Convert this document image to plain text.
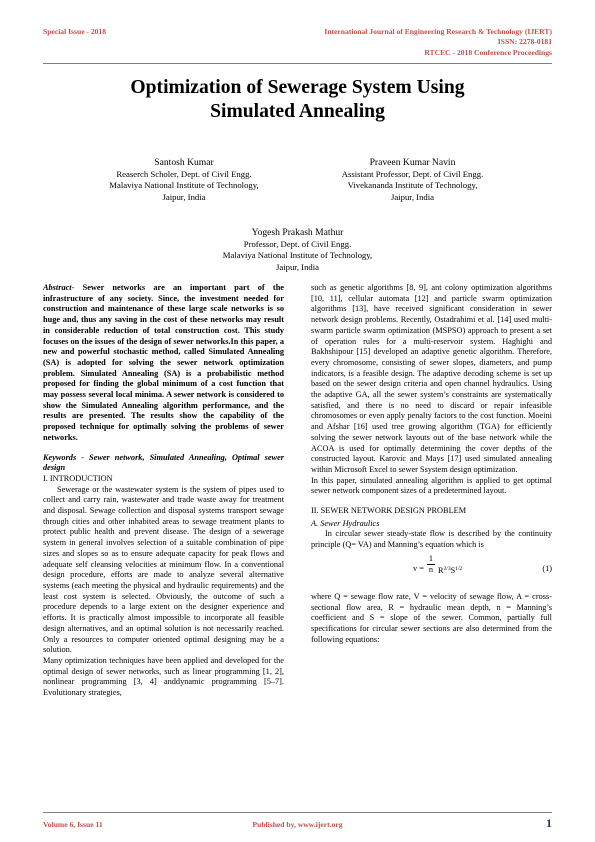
Special Issue - 2018	International Journal of Engineering Research & Technology (IJERT)
ISSN: 2278-0181
RTCEC - 2018 Conference Proceedings
Optimization of Sewerage System Using
Simulated Annealing
Santosh Kumar
Reaserch Scholer, Dept. of Civil Engg.
Malaviya National Institute of Technology,
Jaipur, India
Praveen Kumar Navin
Assistant Professor, Dept. of Civil Engg.
Vivekananda Institute of Technology,
Jaipur, India
Yogesh Prakash Mathur
Professor, Dept. of Civil Engg.
Malaviya National Institute of Technology,
Jaipur, India

Abstract- Sewer networks are an important part of the infrastructure of any society. Since, the investment needed for construction and maintenance of these large scale networks is so huge and, thus any saving in the cost of these networks may result in considerable reduction of total construction cost. This study focuses on the issues of the design of sewer networks.In this paper, a new and powerful stochastic method, called Simulated Annealing (SA) is adopted for solving the sewer network optimization problem. Simulated Annealing (SA) is a probabilistic method proposed for finding the global minimum of a cost function that may possess several local minima. A sewer network is considered to show the Simulated Annealing algorithm performance, and the results are presented. The results show the capability of the proposed technique for optimally solving the problems of sewer networks.

Keywords - Sewer network, Simulated Annealing, Optimal sewer design

I. INTRODUCTION

Sewerage or the wastewater system is the system of pipes used to collect and carry rain, wastewater and trade waste away for treatment and disposal. Sewage collection and disposal systems transport sewage through cities and other inhabited areas to sewage treatment plants to protect public health and prevent disease. The design of a sewerage system in general involves selection of a suitable combination of pipe sizes and slopes so as to ensure adequate capacity for peak flows and adequate self cleansing velocities at minimum flow. In a conventional design procedure, efforts are made to analyze several alternative systems (each meeting the physical and hydraulic requirements) and the least cost system is selected. Obviously, the outcome of such a procedure depends to a large extent on the designer experience and efforts. It is practically almost impossible to incorporate all feasible design alternatives, and an optimal solution is not necessarily reached. Only a resources to computer oriented optimal designing may be a solution.

Many optimization techniques have been applied and developed for the optimal design of sewer networks, such as linear programming [1, 2], nonlinear programming [3, 4] anddynamic programming [5–7]. Evolutionary strategies,

such as genetic algorithms [8, 9], ant colony optimization algorithms [10, 11], cellular automata [12] and particle swarm optimization algorithms [13], have received significant consideration in sewer network design problems. Recently, Ostadrahimi et al. [14] used multi-swarm particle swarm optimization (MSPSO) approach to present a set of operation rules for a multi-reservoir system. Haghighi and Bakhshipour [15] developed an adaptive genetic algorithm. Therefore, every chromosome, consisting of sewer slopes, diameters, and pump indicators, is a feasible design. The adaptive decoding scheme is set up based on the sewer design criteria and open channel hydraulics. Using the adaptive GA, all the sewer system’s constraints are systematically satisfied, and there is no need to discard or repair infeasible chromosomes or even apply penalty factors to the cost function. Moeini and Afshar [16] used tree growing algorithm (TGA) for efficiently solving the sewer network layouts out of the base network while the ACOA is used for optimally determining the cover depths of the constructed layout. Karovic and Mays [17] used simulated annealing within Microsoft Excel to sewer Ssystem design optimization.

In this paper, simulated annealing algorithm is applied to get optimal sewer network component sizes of a predetermined layout.

II. SEWER NETWORK DESIGN PROBLEM

A. Sewer Hydraulics

In circular sewer steady-state flow is described by the continuity principle (Q= VA) and Manning’s equation which is

$v = \frac{1}{n} R^{2/3}S^{1/2}$	(1)

where Q = sewage flow rate, V = velocity of sewage flow, A = cross-sectional flow area, R = hydraulic mean depth, n = Manning’s coefficient and S = slope of the sewer. Common, partially full specifications for circular sewer sections are also determined from the following equations:

Volume 6, Issue 11	Published by, www.ijert.org	1
